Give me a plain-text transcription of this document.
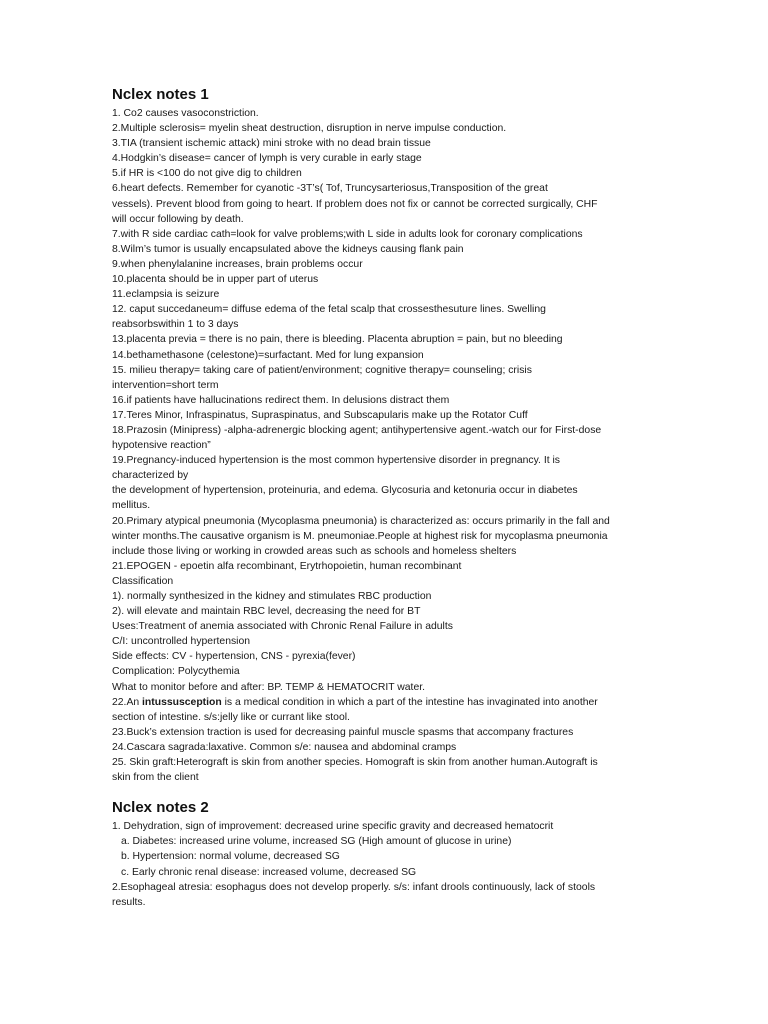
Nclex notes 1
1. Co2 causes vasoconstriction.
2.Multiple sclerosis= myelin sheat destruction, disruption in nerve impulse conduction.
3.TIA (transient ischemic attack) mini stroke with no dead brain tissue
4.Hodgkin’s disease= cancer of lymph is very curable in early stage
5.if HR is <100 do not give dig to children
6.heart defects. Remember for cyanotic -3T’s( Tof, Truncysarteriosus,Transposition of the great
vessels). Prevent blood from going to heart. If problem does not fix or cannot be corrected surgically, CHF
will occur following by death.
7.with R side cardiac cath=look for valve problems;with L side in adults look for coronary complications
8.Wilm’s tumor is usually encapsulated above the kidneys causing flank pain
9.when phenylalanine increases, brain problems occur
10.placenta should be in upper part of uterus
11.eclampsia is seizure
12. caput succedaneum= diffuse edema of the fetal scalp that crossesthesuture lines. Swelling
reabsorbswithin 1 to 3 days
13.placenta previa = there is no pain, there is bleeding. Placenta abruption = pain, but no bleeding
14.bethamethasone (celestone)=surfactant. Med for lung expansion
15. milieu therapy= taking care of patient/environment; cognitive therapy= counseling; crisis
intervention=short term
16.if patients have hallucinations redirect them. In delusions distract them
17.Teres Minor, Infraspinatus, Supraspinatus, and Subscapularis make up the Rotator Cuff
18.Prazosin (Minipress) -alpha-adrenergic blocking agent; antihypertensive agent.-watch our for First-dose
hypotensive reaction”
19.Pregnancy-induced hypertension is the most common hypertensive disorder in pregnancy. It is
characterized by
the development of hypertension, proteinuria, and edema. Glycosuria and ketonuria occur in diabetes
mellitus.
20.Primary atypical pneumonia (Mycoplasma pneumonia) is characterized as: occurs primarily in the fall and
winter months.The causative organism is M. pneumoniae.People at highest risk for mycoplasma pneumonia
include those living or working in crowded areas such as schools and homeless shelters
21.EPOGEN - epoetin alfa recombinant, Erytrhopoietin, human recombinant
Classification
1). normally synthesized in the kidney and stimulates RBC production
2). will elevate and maintain RBC level, decreasing the need for BT
Uses:Treatment of anemia associated with Chronic Renal Failure in adults
C/I: uncontrolled hypertension
Side effects: CV - hypertension, CNS - pyrexia(fever)
Complication: Polycythemia
What to monitor before and after: BP. TEMP & HEMATOCRIT water.
22.An intussusception is a medical condition in which a part of the intestine has invaginated into another
section of intestine. s/s:jelly like or currant like stool.
23.Buck’s extension traction is used for decreasing painful muscle spasms that accompany fractures
24.Cascara sagrada:laxative. Common s/e: nausea and abdominal cramps
25. Skin graft:Heterograft is skin from another species. Homograft is skin from another human.Autograft is
skin from the client
Nclex notes 2
1. Dehydration, sign of improvement: decreased urine specific gravity and decreased hematocrit
a. Diabetes: increased urine volume, increased SG (High amount of glucose in urine)
b. Hypertension: normal volume, decreased SG
c. Early chronic renal disease: increased volume, decreased SG
2.Esophageal atresia: esophagus does not develop properly. s/s: infant drools continuously, lack of stools
results.
